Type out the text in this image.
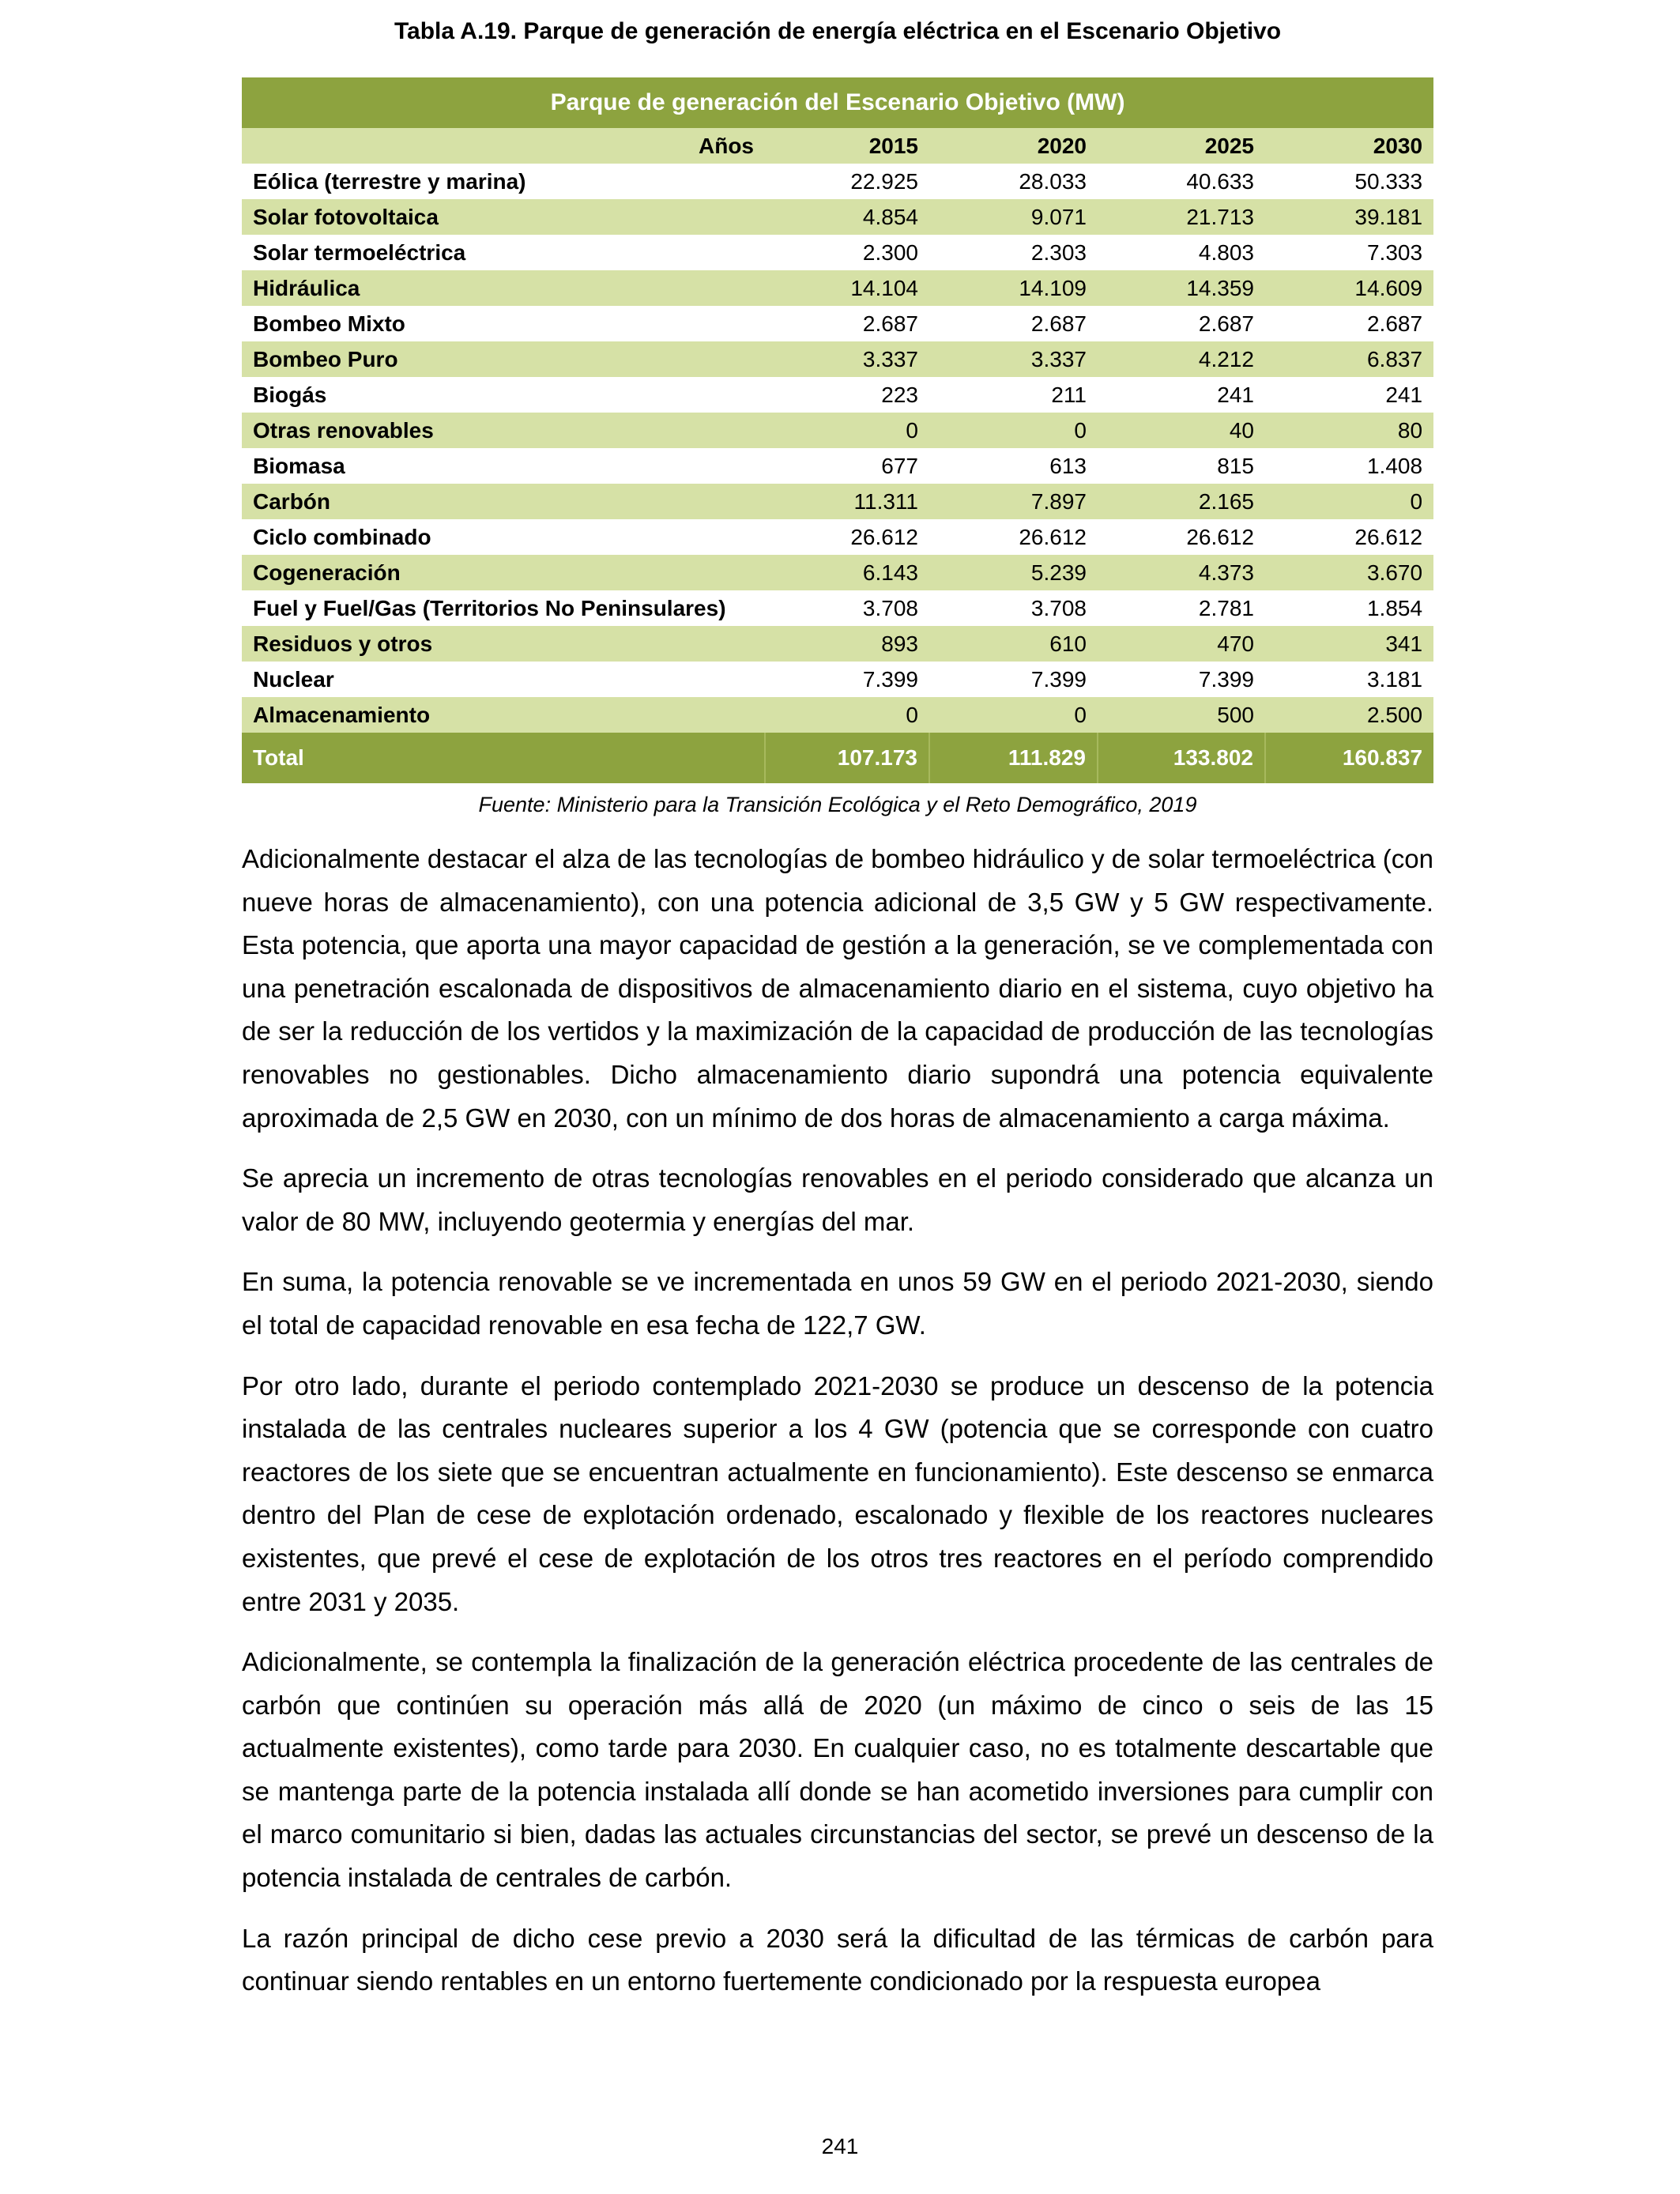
Tabla A.19. Parque de generación de energía eléctrica en el Escenario Objetivo
Parque de generación del Escenario Objetivo (MW)				
Años	2015	2020	2025	2030
Eólica (terrestre y marina)	22.925	28.033	40.633	50.333
Solar fotovoltaica	4.854	9.071	21.713	39.181
Solar termoeléctrica	2.300	2.303	4.803	7.303
Hidráulica	14.104	14.109	14.359	14.609
Bombeo Mixto	2.687	2.687	2.687	2.687
Bombeo Puro	3.337	3.337	4.212	6.837
Biogás	223	211	241	241
Otras renovables	0	0	40	80
Biomasa	677	613	815	1.408
Carbón	11.311	7.897	2.165	0
Ciclo combinado	26.612	26.612	26.612	26.612
Cogeneración	6.143	5.239	4.373	3.670
Fuel y Fuel/Gas (Territorios No Peninsulares)	3.708	3.708	2.781	1.854
Residuos y otros	893	610	470	341
Nuclear	7.399	7.399	7.399	3.181
Almacenamiento	0	0	500	2.500
Total	107.173	111.829	133.802	160.837
Fuente: Ministerio para la Transición Ecológica y el Reto Demográfico, 2019

Adicionalmente destacar el alza de las tecnologías de bombeo hidráulico y de solar termoeléctrica (con nueve horas de almacenamiento), con una potencia adicional de 3,5 GW y 5 GW respectivamente. Esta potencia, que aporta una mayor capacidad de gestión a la generación, se ve complementada con una penetración escalonada de dispositivos de almacenamiento diario en el sistema, cuyo objetivo ha de ser la reducción de los vertidos y la maximización de la capacidad de producción de las tecnologías renovables no gestionables. Dicho almacenamiento diario supondrá una potencia equivalente aproximada de 2,5 GW en 2030, con un mínimo de dos horas de almacenamiento a carga máxima.

Se aprecia un incremento de otras tecnologías renovables en el periodo considerado que alcanza un valor de 80 MW, incluyendo geotermia y energías del mar.

En suma, la potencia renovable se ve incrementada en unos 59 GW en el periodo 2021-2030, siendo el total de capacidad renovable en esa fecha de 122,7 GW.

Por otro lado, durante el periodo contemplado 2021-2030 se produce un descenso de la potencia instalada de las centrales nucleares superior a los 4 GW (potencia que se corresponde con cuatro reactores de los siete que se encuentran actualmente en funcionamiento). Este descenso se enmarca dentro del Plan de cese de explotación ordenado, escalonado y flexible de los reactores nucleares existentes, que prevé el cese de explotación de los otros tres reactores en el período comprendido entre 2031 y 2035.

Adicionalmente, se contempla la finalización de la generación eléctrica procedente de las centrales de carbón que continúen su operación más allá de 2020 (un máximo de cinco o seis de las 15 actualmente existentes), como tarde para 2030. En cualquier caso, no es totalmente descartable que se mantenga parte de la potencia instalada allí donde se han acometido inversiones para cumplir con el marco comunitario si bien, dadas las actuales circunstancias del sector, se prevé un descenso de la potencia instalada de centrales de carbón.

La razón principal de dicho cese previo a 2030 será la dificultad de las térmicas de carbón para continuar siendo rentables en un entorno fuertemente condicionado por la respuesta europea

241
